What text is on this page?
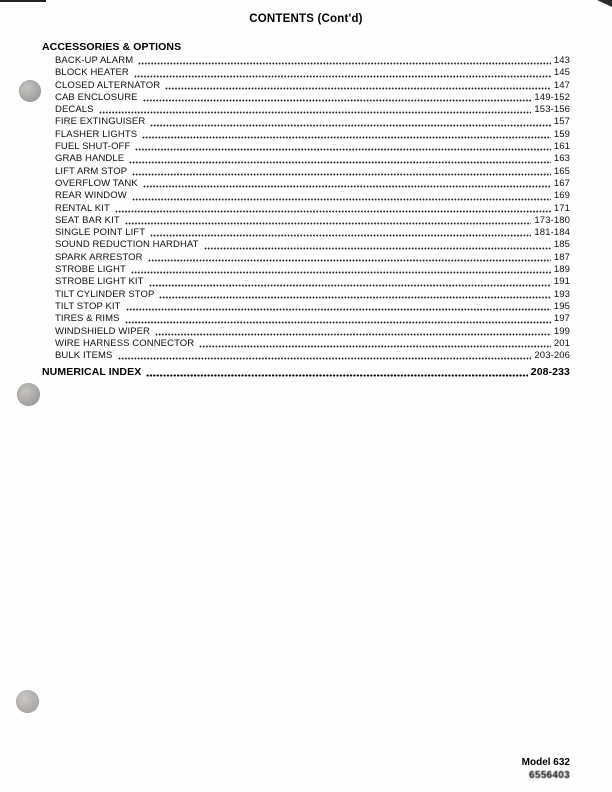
CONTENTS (Cont'd)
ACCESSORIES & OPTIONS
BACK-UP ALARM	143
BLOCK HEATER	145
CLOSED ALTERNATOR	147
CAB ENCLOSURE	149-152
DECALS	153-156
FIRE EXTINGUISER	157
FLASHER LIGHTS	159
FUEL SHUT-OFF	161
GRAB HANDLE	163
LIFT ARM STOP	165
OVERFLOW TANK	167
REAR WINDOW	169
RENTAL KIT	171
SEAT BAR KIT	173-180
SINGLE POINT LIFT	181-184
SOUND REDUCTION HARDHAT	185
SPARK ARRESTOR	187
STROBE LIGHT	189
STROBE LIGHT KIT	191
TILT CYLINDER STOP	193
TILT STOP KIT	195
TIRES & RIMS	197
WINDSHIELD WIPER	199
WIRE HARNESS CONNECTOR	201
BULK ITEMS	203-206
NUMERICAL INDEX	208-233
Model 632
6556403
